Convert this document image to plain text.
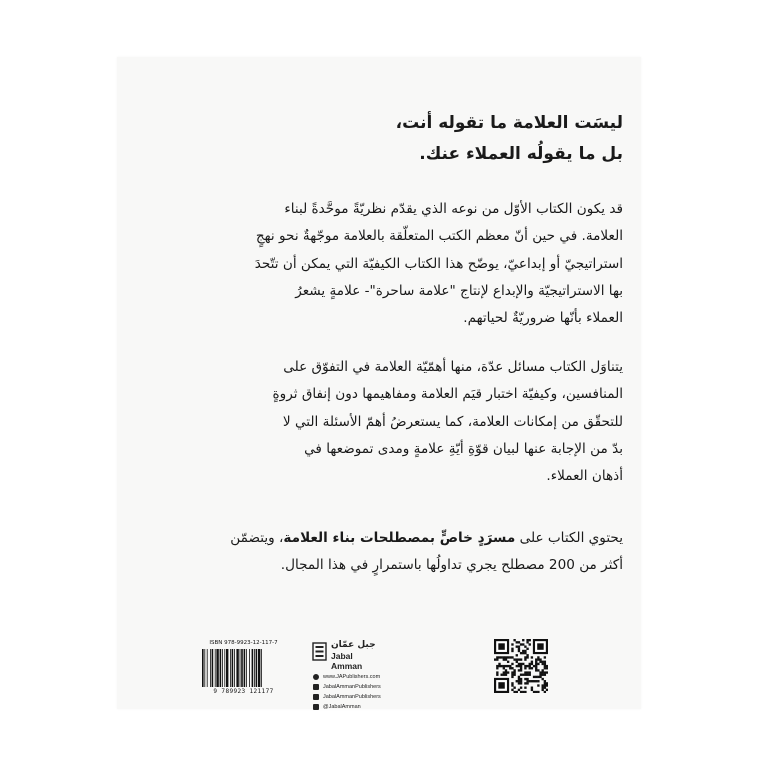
ليسَت العلامة ما تقوله أنت،
بل ما يقولُه العملاء عنك.
قد يكون الكتاب الأوّل من نوعه الذي يقدّم نظريّةً موحَّدةً لبناء
العلامة. في حين أنّ معظم الكتب المتعلّقة بالعلامة موجّهةٌ نحو نهجٍ
استراتيجيّ أو إبداعيّ، يوضّح هذا الكتاب الكيفيّة التي يمكن أن تتّحدَ
بها الاستراتيجيّة والإبداع لإنتاج "علامة ساحرة"- علامةٍ يشعرُ
العملاء بأنّها ضروريّةٌ لحياتهم.
يتناوَل الكتاب مسائل عدّة، منها أهمّيّة العلامة في التفوّق على
المنافسين، وكيفيّة اختبار قيَم العلامة ومفاهيمها دون إنفاق ثروةٍ
للتحقّق من إمكانات العلامة، كما يستعرضُ أهمّ الأسئلة التي لا
بدّ من الإجابة عنها لبيان قوّةِ أيّةِ علامةٍ ومدى تموضعها في
أذهان العملاء.
يحتوي الكتاب على مسرَدٍ خاصٍّ بمصطلحات بناء العلامة، ويتضمّن
أكثر من 200 مصطلح يجري تداولُها باستمرارٍ في هذا المجال.
ISBN 978-9923-12-117-7
9 789923 121177
جبل عمّان
Jabal Amman
www.JAPublishers.com
JabalAmmanPublishers
JabalAmmanPublishers
@JabalAmman
